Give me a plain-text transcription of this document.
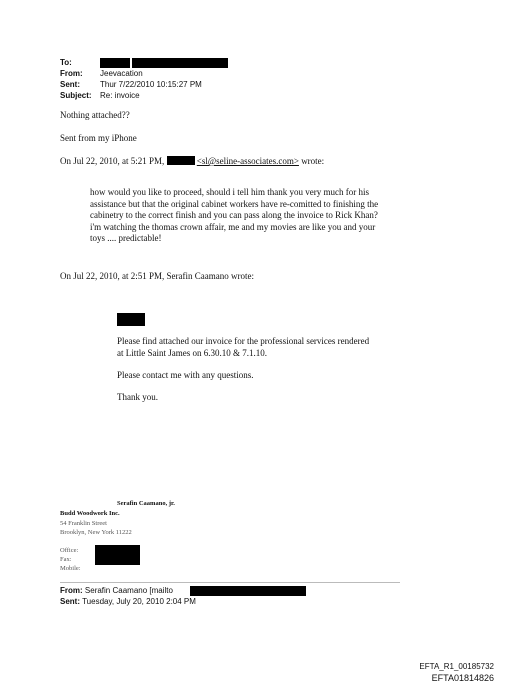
To:
From: Jeevacation
Sent:	Thur 7/22/2010 10:15:27 PM
Subject: Re: invoice
Nothing attached??
Sent from my iPhone
On Jul 22, 2010, at 5:21 PM,	<sl@seline-associates.com> wrote:
how would you like to proceed, should i tell him thank you very much for his
assistance but that the original cabinet workers have re-comitted to finishing the
cabinetry to the correct finish and you can pass along the invoice to Rick Khan?
i'm watching the thomas crown affair, me and my movies are like you and your
toys .... predictable!
On Jul 22, 2010, at 2:51 PM, Serafin Caamano wrote:
Please find attached our invoice for the professional services rendered
at Little Saint James on 6.30.10 & 7.1.10.
Please contact me with any questions.
Thank you.
Serafin Caamano, jr.
Budd Woodwork Inc.
54 Franklin Street
Brooklyn, New York 11222
Office:
Fax:
Mobile:
From: Serafin Caamano [mailto
Sent: Tuesday, July 20, 2010 2:04 PM
EFTA_R1_00185732
EFTA01814826
